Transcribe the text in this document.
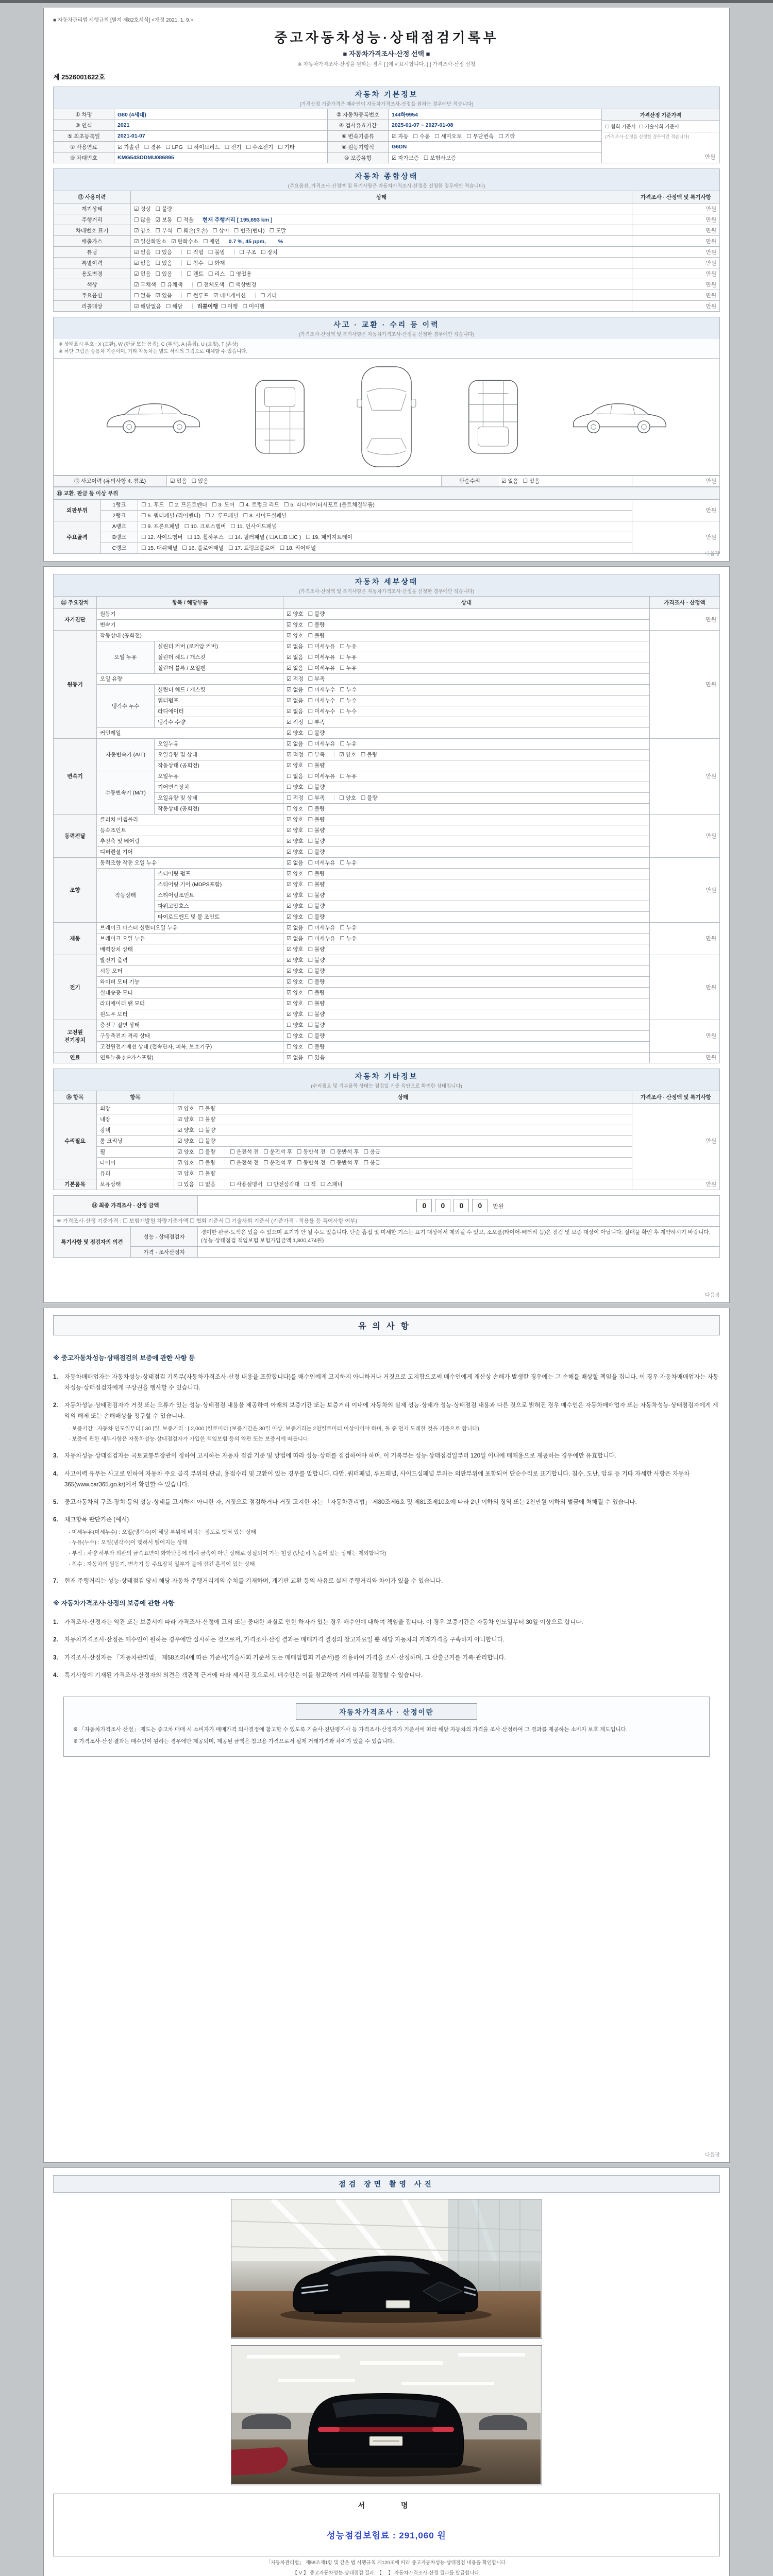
■ 자동차관리법 시행규칙 [별지 제82호서식] <개정 2021. 1. 9.>
중고자동차성능·상태점검기록부
■ 자동차가격조사·산정 선택 ■
※ 자동차가격조사·산정을 원하는 경우 [ ]에 √ 표시합니다. [ ] 가격조사·산정 신청
제 2526001622호
자동차 기본정보
(가격산정 기준가격은 매수인이 자동차가격조사·산정을 원하는 경우에만 적습니다)
① 차명	G80 (4세대)	② 자동차등록번호	144하9954
③ 연식	2021	④ 검사유효기간	2025-01-07 ~ 2027-01-08
⑤ 최초등록일	2021-01-07	⑥ 변속기종류	☑ 자동 ☐ 수동 ☐ 세미오토 ☐ 무단변속 ☐ 기타
⑦ 사용연료	☑ 가솔린 ☐ 경유 ☐ LPG ☐ 하이브리드 ☐ 전기 ☐ 수소전기 ☐ 기타	⑧ 원동기형식	G6DN
⑨ 차대번호	KMG54SDDMU086895	⑩ 보증유형	☑ 자가보증 ☐ 보험사보증
가격산정 기준가격
☐ 협회 기준서 ☐ 기술사회 기준서
(가격조사·산정을 신청한 경우에만 적습니다)
만원
자동차 종합상태
(주요옵션, 가격조사·산정액 및 특기사항은 자동차가격조사·산정을 신청한 경우에만 적습니다)
⑪ 사용이력	상태	가격조사 · 산정액 및 특기사항
계기상태	☑ 정상 ☐ 불량	만원
주행거리	☐ 많음 ☑ 보통 ☐ 적음 현재 주행거리 [ 195,693 km ]	만원
차대번호 표기	☑ 양호 ☐ 부식 ☐ 훼손(오손) ☐ 상이 ☐ 변조(변타) ☐ 도말	만원
배출가스	☑ 일산화탄소 ☑ 탄화수소 ☐ 매연 0.7 %, 45 ppm,　　 %	만원
튜닝	☑ 없음 ☐ 있음 ☐ 적법 ☐ 불법 ☐ 구조 ☐ 장치	만원
특별이력	☑ 없음 ☐ 있음 ☐ 침수 ☐ 화재	만원
용도변경	☑ 없음 ☐ 있음 ☐ 렌트 ☐ 리스 ☐ 영업용	만원
색상	☑ 무채색 ☐ 유채색 ☐ 전체도색 ☐ 색상변경	만원
주요옵션	☐ 없음 ☑ 있음 ☐ 썬루프 ☑ 네비게이션 ☐ 기타	만원
리콜대상	☑ 해당없음 ☐ 해당 리콜이행  ☐ 이행 ☐ 미이행	만원
사고 · 교환 · 수리 등 이력
(가격조사·산정액 및 특기사항은 자동차가격조사·산정을 신청한 경우에만 적습니다)
※ 상태표시 부호 : X (교환), W (판금 또는 용접), C (부식), A (흠집), U (요철), T (손상)
※ 하단 그림은 승용차 기준이며, 기타 자동차는 별도 서식의 그림으로 대체할 수 있습니다.
⑫ 사고이력 (유의사항 4. 참조)	☑ 없음 ☐ 있음	단순수리	☑ 없음 ☐ 있음	만원
⑬ 교환, 판금 등 이상 부위			
외판부위	1랭크	☐ 1. 후드 ☐ 2. 프론트펜더 ☐ 3. 도어 ☐ 4. 트렁크 리드 ☐ 5. 라디에이터서포트 (볼트체결부품)	만원
	2랭크	☐ 6. 쿼터패널 (리어펜더) ☐ 7. 루프패널 ☐ 8. 사이드실패널	
주요골격	A랭크	☐ 9. 프론트패널 ☐ 10. 크로스멤버 ☐ 11. 인사이드패널	만원
	B랭크	☐ 12. 사이드멤버 ☐ 13. 휠하우스 ☐ 14. 필러패널 ( ☐A ☐B ☐C ) ☐ 19. 패키지트레이	
	C랭크	☐ 15. 대쉬패널 ☐ 16. 플로어패널 ☐ 17. 트렁크플로어 ☐ 18. 리어패널	
다음장
자동차 세부상태
(가격조사·산정액 및 특기사항은 자동차가격조사·산정을 신청한 경우에만 적습니다)
⑮ 주요장치	항목 / 해당부품		상태	가격조사 · 산정액
자기진단	원동기		☑ 양호 ☐ 불량	만원
	변속기		☑ 양호 ☐ 불량	
원동기	작동상태 (공회전)		☑ 양호 ☐ 불량	만원
	오일 누유	실린더 커버 (로커암 커버)	☑ 없음 ☐ 미세누유 ☐ 누유	
		실린더 헤드 / 개스킷	☑ 없음 ☐ 미세누유 ☐ 누유	
		실린더 블록 / 오일팬	☑ 없음 ☐ 미세누유 ☐ 누유	
	오일 유량		☑ 적정 ☐ 부족	
	냉각수 누수	실린더 헤드 / 개스킷	☑ 없음 ☐ 미세누수 ☐ 누수	
		워터펌프	☑ 없음 ☐ 미세누수 ☐ 누수	
		라디에이터	☑ 없음 ☐ 미세누수 ☐ 누수	
		냉각수 수량	☑ 적정 ☐ 부족	
	커먼레일		☑ 양호 ☐ 불량	
변속기	자동변속기 (A/T)	오일누유	☑ 없음 ☐ 미세누유 ☐ 누유	만원
		오일유량 및 상태	☑ 적정 ☐ 부족 ☑ 양호 ☐ 불량	
		작동상태 (공회전)	☑ 양호 ☐ 불량	
	수동변속기 (M/T)	오일누유	☐ 없음 ☐ 미세누유 ☐ 누유	
		기어변속장치	☐ 양호 ☐ 불량	
		오일유량 및 상태	☐ 적정 ☐ 부족 ☐ 양호 ☐ 불량	
		작동상태 (공회전)	☐ 양호 ☐ 불량	
동력전달	클러치 어셈블리		☑ 양호 ☐ 불량	만원
	등속조인트		☑ 양호 ☐ 불량	
	추진축 및 베어링		☑ 양호 ☐ 불량	
	디퍼렌셜 기어		☑ 양호 ☐ 불량	
조향	동력조향 작동 오일 누유		☑ 없음 ☐ 미세누유 ☐ 누유	만원
	작동상태	스티어링 펌프	☑ 양호 ☐ 불량	
		스티어링 기어 (MDPS포함)	☑ 양호 ☐ 불량	
		스티어링조인트	☑ 양호 ☐ 불량	
		파워고압호스	☑ 양호 ☐ 불량	
		타이로드엔드 및 볼 조인트	☑ 양호 ☐ 불량	
제동	브레이크 마스터 실린더오일 누유		☑ 없음 ☐ 미세누유 ☐ 누유	만원
	브레이크 오일 누유		☑ 없음 ☐ 미세누유 ☐ 누유	
	배력장치 상태		☑ 양호 ☐ 불량	
전기	발전기 출력		☑ 양호 ☐ 불량	만원
	시동 모터		☑ 양호 ☐ 불량	
	와이퍼 모터 기능		☑ 양호 ☐ 불량	
	실내송풍 모터		☑ 양호 ☐ 불량	
	라디에이터 팬 모터		☑ 양호 ☐ 불량	
	윈도우 모터		☑ 양호 ☐ 불량	
고전원 전기장치	충전구 절연 상태		☐ 양호 ☐ 불량	만원
	구동축전지 격리 상태		☐ 양호 ☐ 불량	
	고전원전기배선 상태 (접속단자, 피복, 보호기구)		☐ 양호 ☐ 불량	
연료	연료누출 (LP가스포함)		☑ 없음 ☐ 있음	만원
자동차 기타정보
(수리필요 및 기본품목 상태는 점검일 기준 육안으로 확인한 상태입니다)
⑯ 항목	항목	상태	가격조사 · 산정액 및 특기사항
수리필요	외장	☑ 양호 ☐ 불량	만원
	내장	☑ 양호 ☐ 불량	
	광택	☑ 양호 ☐ 불량	
	룸 크리닝	☑ 양호 ☐ 불량	
	휠	☑ 양호 ☐ 불량 ☐ 운전석 전 ☐ 운전석 후 ☐ 동반석 전 ☐ 동반석 후 ☐ 응급	
	타이어	☑ 양호 ☐ 불량 ☐ 운전석 전 ☐ 운전석 후 ☐ 동반석 전 ☐ 동반석 후 ☐ 응급	
	유리	☑ 양호 ☐ 불량	
기본품목	보유상태	☐ 있음 ☐ 없음 ☐ 사용설명서 ☐ 안전삼각대 ☐ 잭 ☐ 스패너	만원
⑭ 최종 가격조사 · 산정 금액	0 0 0 0 만원
※ 가격조사·산정 기준가격 : ☐ 보험개발원 차량기준가액 ☐ 협회 기준서 ☐ 기술사회 기준서 (기준가격 · 적용률 등 특이사항 여부)
특기사항 및 점검자의 의견	성능 · 상태점검자	경미한 판금·도색은 있을 수 있으며 표기가 안 될 수도 있습니다. 단순 흠집 및 미세한 기스는 표기 대상에서 제외될 수 있고, 소모품(타이어·배터리 등)은 점검 및 보증 대상이 아닙니다. 실매물 확인 후 계약하시기 바랍니다. (성능·상태점검 책임보험 보험가입금액 1,800,474원)
	가격 · 조사산정자	
다음장
유의사항
※ 중고자동차성능·상태점검의 보증에 관한 사항 등
1.	자동차매매업자는 자동차성능·상태점검 기록부(자동차가격조사·산정 내용을 포함합니다)를 매수인에게 고지하지 아니하거나 거짓으로 고지함으로써 매수인에게 재산상 손해가 발생한 경우에는 그 손해를 배상할 책임을 집니다. 이 경우 자동차매매업자는 자동차성능·상태점검자에게 구상권을 행사할 수 있습니다.
2.	자동차성능·상태점검자가 거짓 또는 오류가 있는 성능·상태점검 내용을 제공하여 아래의 보증기간 또는 보증거리 이내에 자동차의 실제 성능·상태가 성능·상태점검 내용과 다른 것으로 밝혀진 경우 매수인은 자동차매매업자 또는 자동차성능·상태점검자에게 계약의 해제 또는 손해배상을 청구할 수 있습니다.
· 보증기간 : 자동차 인도일부터 [ 30 ]일, 보증거리 : [ 2,000 ]킬로미터 (보증기간은 30일 이상, 보증거리는 2천킬로미터 이상이어야 하며, 둘 중 먼저 도래한 것을 기준으로 합니다)
· 보증에 관한 세부사항은 자동차성능·상태점검자가 가입한 책임보험 등의 약관 또는 보증서에 따릅니다.
3.	자동차성능·상태점검자는 국토교통부장관이 정하여 고시하는 자동차 점검 기준 및 방법에 따라 성능·상태를 점검하여야 하며, 이 기록부는 성능·상태점검일부터 120일 이내에 매매용으로 제공하는 경우에만 유효합니다.
4.	사고이력 유무는 사고로 인하여 자동차 주요 골격 부위의 판금, 용접수리 및 교환이 있는 경우를 말합니다. 다만, 쿼터패널, 루프패널, 사이드실패널 부위는 외판부위에 포함되어 단순수리로 표기합니다. 침수, 도난, 압류 등 기타 자세한 사항은 자동차365(www.car365.go.kr)에서 확인할 수 있습니다.
5.	중고자동차의 구조·장치 등의 성능·상태를 고지하지 아니한 자, 거짓으로 점검하거나 거짓 고지한 자는 「자동차관리법」 제80조제6호 및 제81조제10호에 따라 2년 이하의 징역 또는 2천만원 이하의 벌금에 처해질 수 있습니다.
6.	체크항목 판단기준 (예시)
· 미세누유(미세누수) : 오일(냉각수)이 해당 부위에 비치는 정도로 맺혀 있는 상태
· 누유(누수) : 오일(냉각수)이 맺혀서 떨어지는 상태
· 부식 : 차량 하부와 외판의 금속표면이 화학반응에 의해 금속이 아닌 상태로 상실되어 가는 현상 (단순히 녹슬어 있는 상태는 제외합니다)
· 침수 : 자동차의 원동기, 변속기 등 주요장치 일부가 물에 잠긴 흔적이 있는 상태
7.	현재 주행거리는 성능·상태점검 당시 해당 자동차 주행거리계의 수치를 기재하며, 계기판 교환 등의 사유로 실제 주행거리와 차이가 있을 수 있습니다.
※ 자동차가격조사·산정의 보증에 관한 사항
1.	가격조사·산정자는 약관 또는 보증서에 따라 가격조사·산정에 고의 또는 중대한 과실로 인한 하자가 있는 경우 매수인에 대하여 책임을 집니다. 이 경우 보증기간은 자동차 인도일부터 30일 이상으로 합니다.
2.	자동차가격조사·산정은 매수인이 원하는 경우에만 실시하는 것으로서, 가격조사·산정 결과는 매매가격 결정의 참고자료일 뿐 해당 자동차의 거래가격을 구속하지 아니합니다.
3.	가격조사·산정자는 「자동차관리법」 제58조의4에 따른 기준서(기술사회 기준서 또는 매매업협회 기준서)를 적용하여 가격을 조사·산정하며, 그 산출근거를 기록·관리합니다.
4.	특기사항에 기재된 가격조사·산정자의 의견은 객관적 근거에 따라 제시된 것으로서, 매수인은 이를 참고하여 거래 여부를 결정할 수 있습니다.
자동차가격조사 · 산정이란
※ 「자동차가격조사·산정」 제도는 중고차 매매 시 소비자가 매매가격 의사결정에 참고할 수 있도록 기술사·진단평가사 등 가격조사·산정자가 기준서에 따라 해당 자동차의 가격을 조사·산정하여 그 결과를 제공하는 소비자 보호 제도입니다.
※ 가격조사·산정 결과는 매수인이 원하는 경우에만 제공되며, 제공된 금액은 참고용 가격으로서 실제 거래가격과 차이가 있을 수 있습니다.
다음장
점검 장면 촬영 사진
서　　명
성능점검보험료 : 291,060 원
「자동차관리법」 제58조제1항 및 같은 법 시행규칙 제120조에 따라 중고자동차성능·상태점검 내용을 확인합니다.
【 V 】 중고자동차성능·상태점검 결과, 【　 】 자동차가격조사·산정 결과를 발급합니다.
